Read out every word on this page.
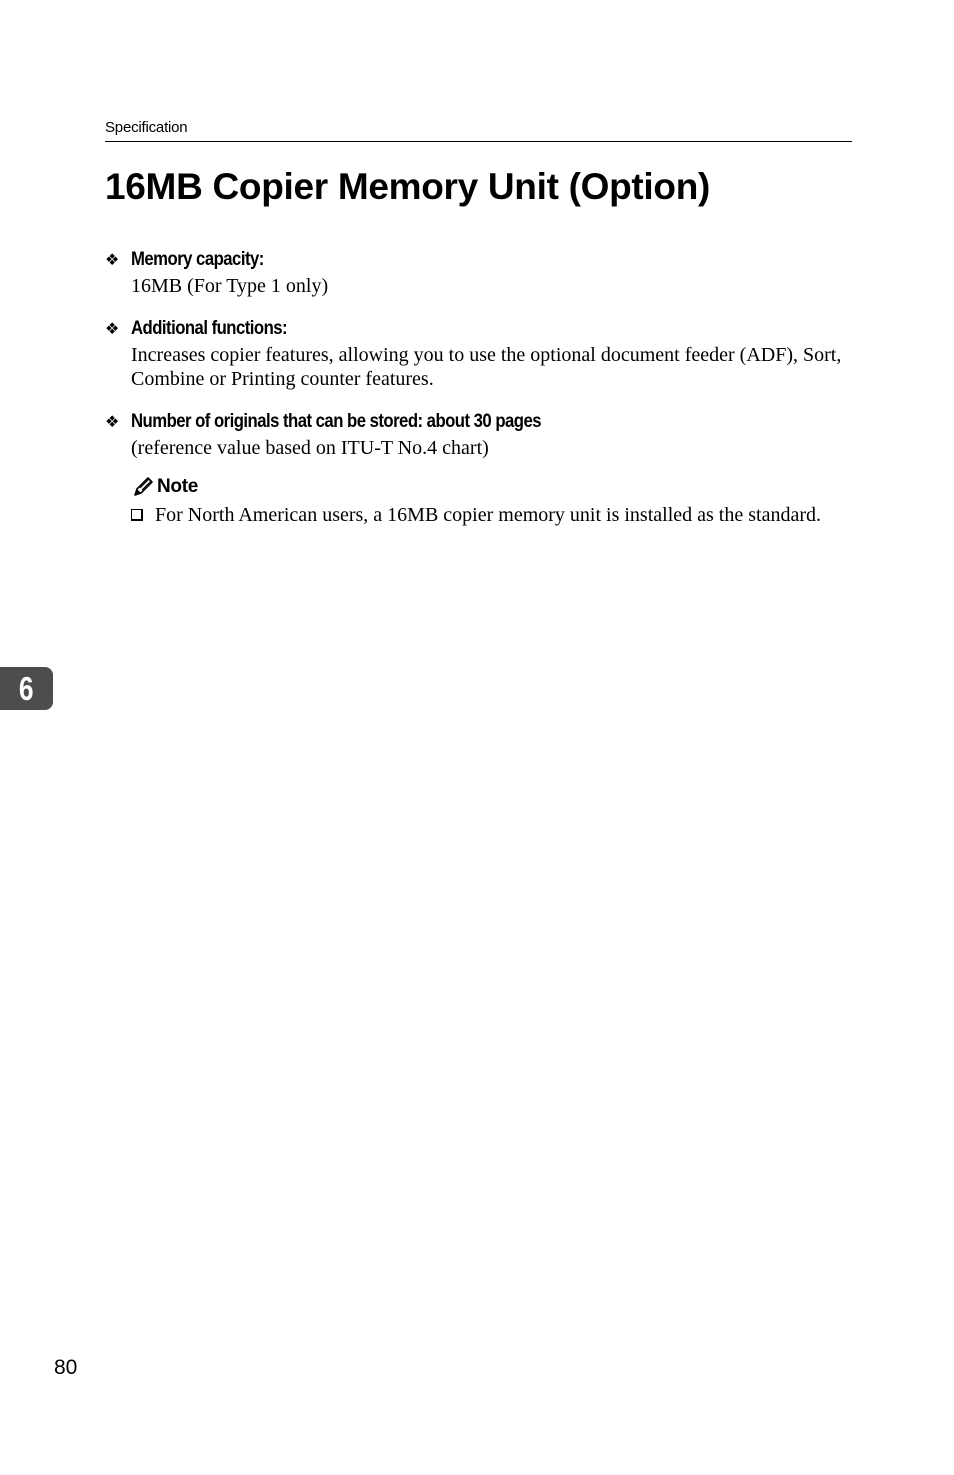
Specification
16MB Copier Memory Unit (Option)
❖ Memory capacity:
16MB (For Type 1 only)
❖ Additional functions:
Increases copier features, allowing you to use the optional document feeder (ADF), Sort, Combine or Printing counter features.
❖ Number of originals that can be stored: about 30 pages
(reference value based on ITU-T No.4 chart)
Note
For North American users, a 16MB copier memory unit is installed as the standard.
6
80
